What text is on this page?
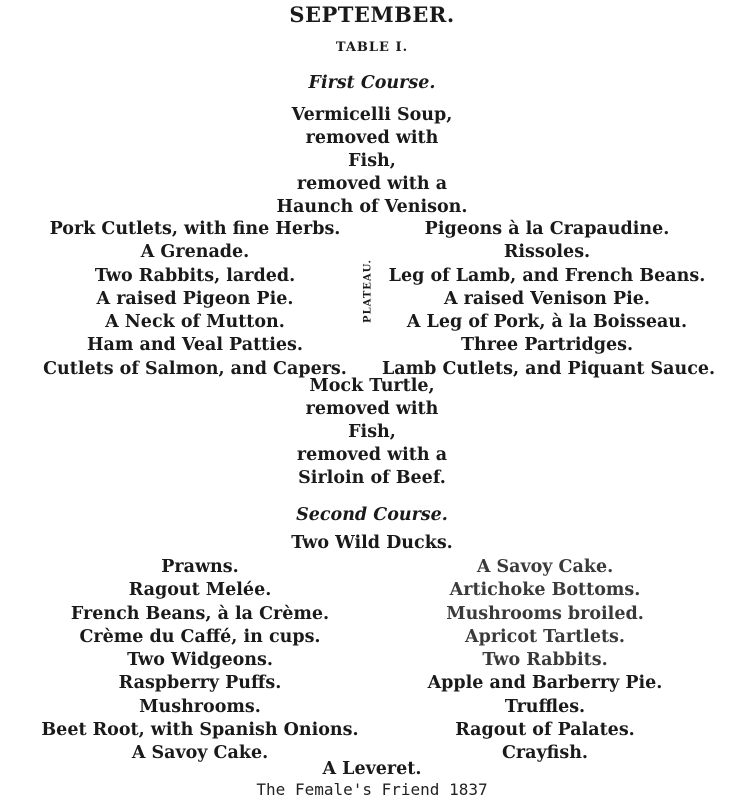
SEPTEMBER.
TABLE I.
First Course.
Vermicelli Soup,
removed with
Fish,
removed with a
Haunch of Venison.
Pork Cutlets, with fine Herbs.
A Grenade.
Two Rabbits, larded.
A raised Pigeon Pie.
A Neck of Mutton.
Ham and Veal Patties.
Cutlets of Salmon, and Capers.
PLATEAU.
Pigeons à la Crapaudine.
Rissoles.
Leg of Lamb, and French Beans.
A raised Venison Pie.
A Leg of Pork, à la Boisseau.
Three Partridges.
Lamb Cutlets, and Piquant Sauce.
Mock Turtle,
removed with
Fish,
removed with a
Sirloin of Beef.
Second Course.
Two Wild Ducks.
Prawns.
Ragout Melée.
French Beans, à la Crème.
Crème du Caffé, in cups.
Two Widgeons.
Raspberry Puffs.
Mushrooms.
Beet Root, with Spanish Onions.
A Savoy Cake.
A Savoy Cake.
Artichoke Bottoms.
Mushrooms broiled.
Apricot Tartlets.
Two Rabbits.
Apple and Barberry Pie.
Truffles.
Ragout of Palates.
Crayfish.
A Leveret.
The Female's Friend 1837
